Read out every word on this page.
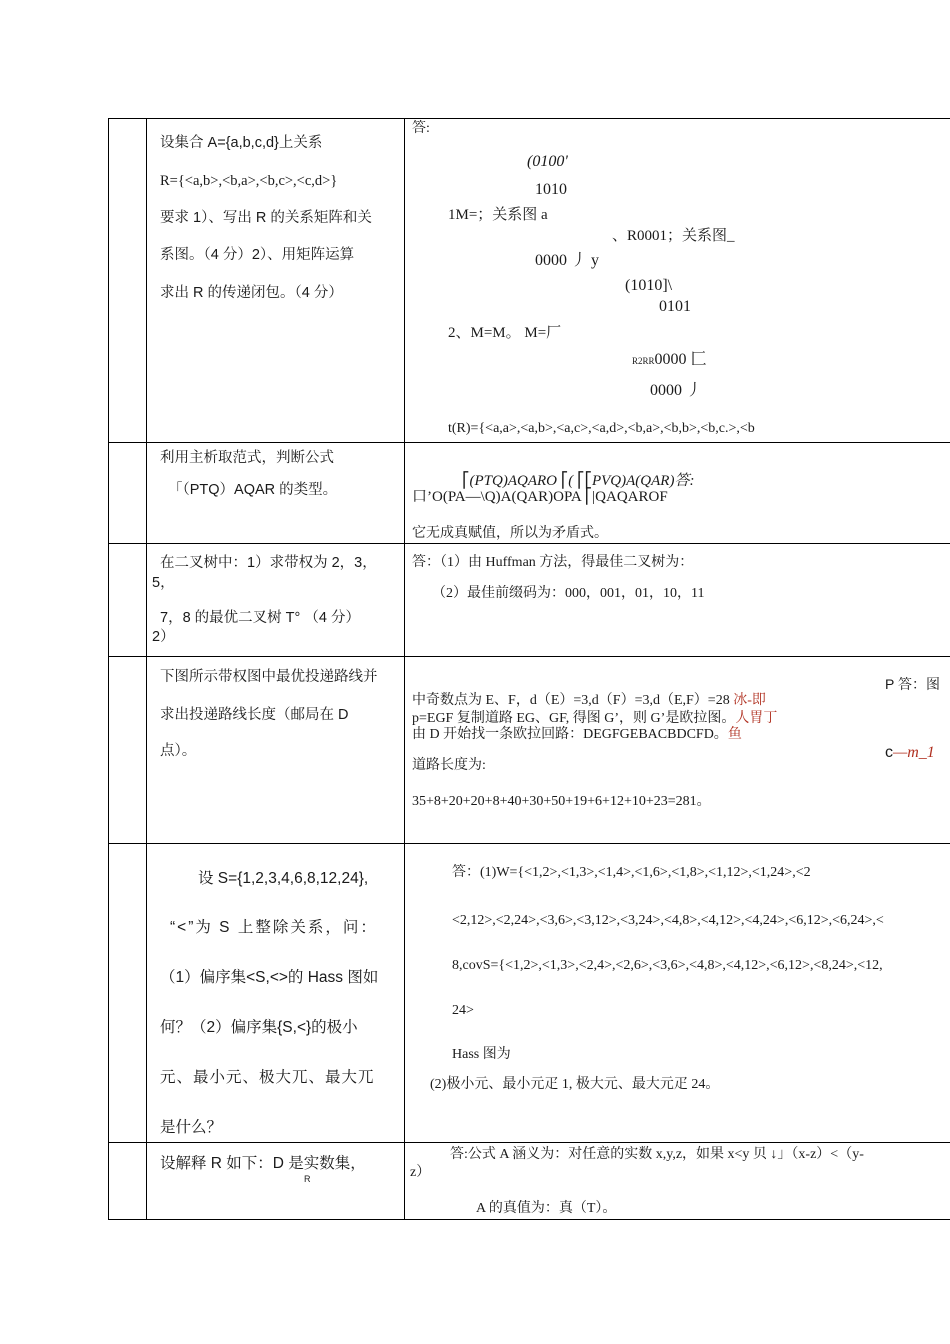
设集合 A={a,b,c,d}上关系
R={<a,b>,<b,a>,<b,c>,<c,d>}
要求 1）、写出 R 的关系矩阵和关
系图。（4 分）2）、用矩阵运算
求出 R 的传递闭包。（4 分）
答:
(0100'
1010
1M=；关系图 a
、R0001；关系图_
0000 丿 y
(1010]\
0101
2、M=M。 M=厂
R2RR0000 匚
0000 丿
t(R)={<a,a>,<a,b>,<a,c>,<a,d>,<b,a>,<b,b>,<b,c.>,<b
利用主析取范式，判断公式
「（PTQ）AQAR 的类型。
⎡(PTQ)AQARO ⎡( ⎡⎡PVQ)A(QAR)答:
口’O(PA—\Q)A(QAR)OPA ⎡|QAQAROF
它无成真赋值，所以为矛盾式。
在二叉树中：1）求带权为 2，3，
5，
7，8 的最优二叉树 T° （4 分）
2）
答：（1）由 Huffman 方法，得最佳二叉树为：
（2）最佳前缀码为：000，001，01，10，11
下图所示带权图中最优投递路线并
求出投递路线长度（邮局在 D
点）。
P 答：图
c—m_1
中奇数点为 E、F，d（E）=3,d（F）=3,d（E,F）=28 冰-即
p=EGF 复制道路 EG、GF, 得图 G’，则 G’是欧拉图。人胃丁
由 D 开始找一条欧拉回路：DEGFGEBACBDCFD。鱼
道路长度为:
35+8+20+20+8+40+30+50+19+6+12+10+23=281。
设 S={1,2,3,4,6,8,12,24},
“<”为 S 上整除关系，问：
（1）偏序集<S,<>的 Hass 图如
何？（2）偏序集{S,<}的极小
元、最小元、极大兀、最大兀
是什么？
答：(1)W={<1,2>,<1,3>,<1,4>,<1,6>,<1,8>,<1,12>,<1,24>,<2
<2,12>,<2,24>,<3,6>,<3,12>,<3,24>,<4,8>,<4,12>,<4,24>,<6,12>,<6,24>,<
8,covS={<1,2>,<1,3>,<2,4>,<2,6>,<3,6>,<4,8>,<4,12>,<6,12>,<8,24>,<12,
24>
Hass 图为
(2)极小元、最小元疋 1, 极大元、最大元疋 24。
设解释 R 如下：D 是实数集，
R
答:公式 A 涵义为：对任意的实数 x,y,z，如果 x<y 贝 ↓」（x-z）<（y-
z）
A 的真值为：真（T）。
